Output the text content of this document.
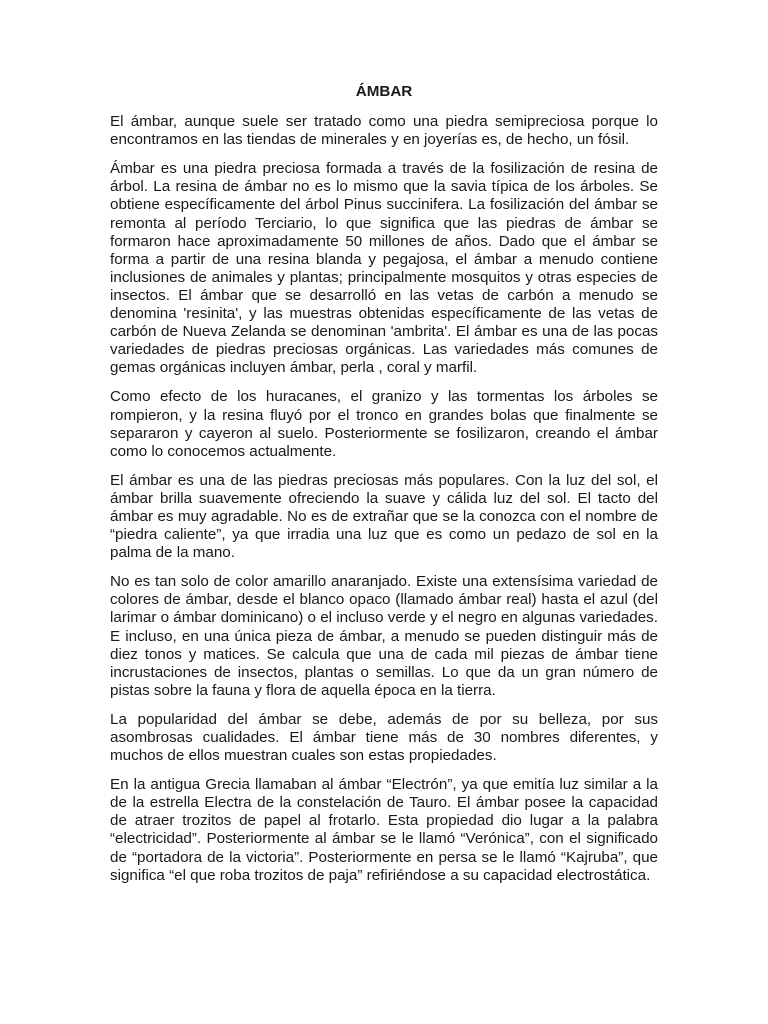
ÁMBAR

El ámbar, aunque suele ser tratado como una piedra semipreciosa porque lo encontramos en las tiendas de minerales y en joyerías es, de hecho, un fósil.

Ámbar es una piedra preciosa formada a través de la fosilización de resina de árbol. La resina de ámbar no es lo mismo que la savia típica de los árboles. Se obtiene específicamente del árbol Pinus succinifera. La fosilización del ámbar se remonta al período Terciario, lo que significa que las piedras de ámbar se formaron hace aproximadamente 50 millones de años. Dado que el ámbar se forma a partir de una resina blanda y pegajosa, el ámbar a menudo contiene inclusiones de animales y plantas; principalmente mosquitos y otras especies de insectos. El ámbar que se desarrolló en las vetas de carbón a menudo se denomina 'resinita', y las muestras obtenidas específicamente de las vetas de carbón de Nueva Zelanda se denominan 'ambrita'. El ámbar es una de las pocas variedades de piedras preciosas orgánicas. Las variedades más comunes de gemas orgánicas incluyen ámbar, perla , coral y marfil.

Como efecto de los huracanes, el granizo y las tormentas los árboles se rompieron, y la resina fluyó por el tronco en grandes bolas que finalmente se separaron y cayeron al suelo. Posteriormente se fosilizaron, creando el ámbar como lo conocemos actualmente.

El ámbar es una de las piedras preciosas más populares. Con la luz del sol, el ámbar brilla suavemente ofreciendo la suave y cálida luz del sol. El tacto del ámbar es muy agradable. No es de extrañar que se la conozca con el nombre de “piedra caliente”, ya que irradia una luz que es como un pedazo de sol en la palma de la mano.

No es tan solo de color amarillo anaranjado. Existe una extensísima variedad de colores de ámbar, desde el blanco opaco (llamado ámbar real) hasta el azul (del larimar o ámbar dominicano) o el incluso verde y el negro en algunas variedades. E incluso, en una única pieza de ámbar, a menudo se pueden distinguir más de diez tonos y matices. Se calcula que una de cada mil piezas de ámbar tiene incrustaciones de insectos, plantas o semillas. Lo que da un gran número de pistas sobre la fauna y flora de aquella época en la tierra.

La popularidad del ámbar se debe, además de por su belleza, por sus asombrosas cualidades. El ámbar tiene más de 30 nombres diferentes, y muchos de ellos muestran cuales son estas propiedades.

En la antigua Grecia llamaban al ámbar “Electrón”, ya que emitía luz similar a la de la estrella Electra de la constelación de Tauro. El ámbar posee la capacidad de atraer trozitos de papel al frotarlo. Esta propiedad dio lugar a la palabra “electricidad”. Posteriormente al ámbar se le llamó “Verónica”, con el significado de “portadora de la victoria”. Posteriormente en persa se le llamó “Kajruba”, que significa “el que roba trozitos de paja” refiriéndose a su capacidad electrostática.
